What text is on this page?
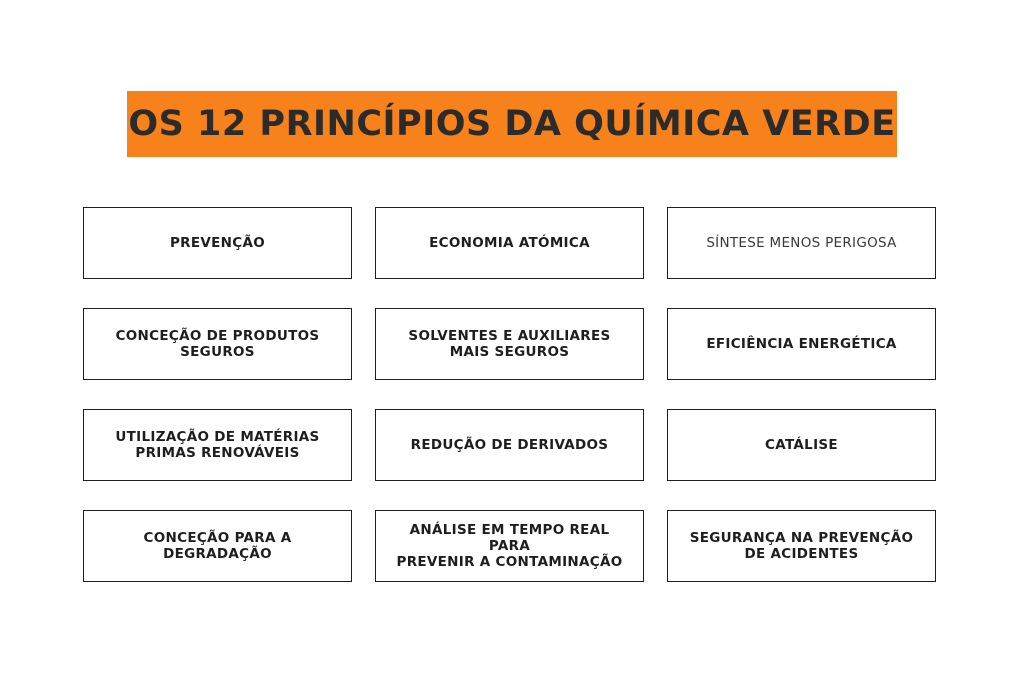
OS 12 PRINCÍPIOS DA QUÍMICA VERDE
PREVENÇÃO	ECONOMIA ATÓMICA	SÍNTESE MENOS PERIGOSA
CONCEÇÃO DE PRODUTOS
SEGUROS
SOLVENTES E AUXILIARES
MAIS SEGUROS	EFICIÊNCIA ENERGÉTICA
UTILIZAÇÃO DE MATÉRIAS
PRIMAS RENOVÁVEIS	REDUÇÃO DE DERIVADOS	CATÁLISE
CONCEÇÃO PARA A
DEGRADAÇÃO
ANÁLISE EM TEMPO REAL PARA
PREVENIR A CONTAMINAÇÃO
SEGURANÇA NA PREVENÇÃO
DE ACIDENTES
